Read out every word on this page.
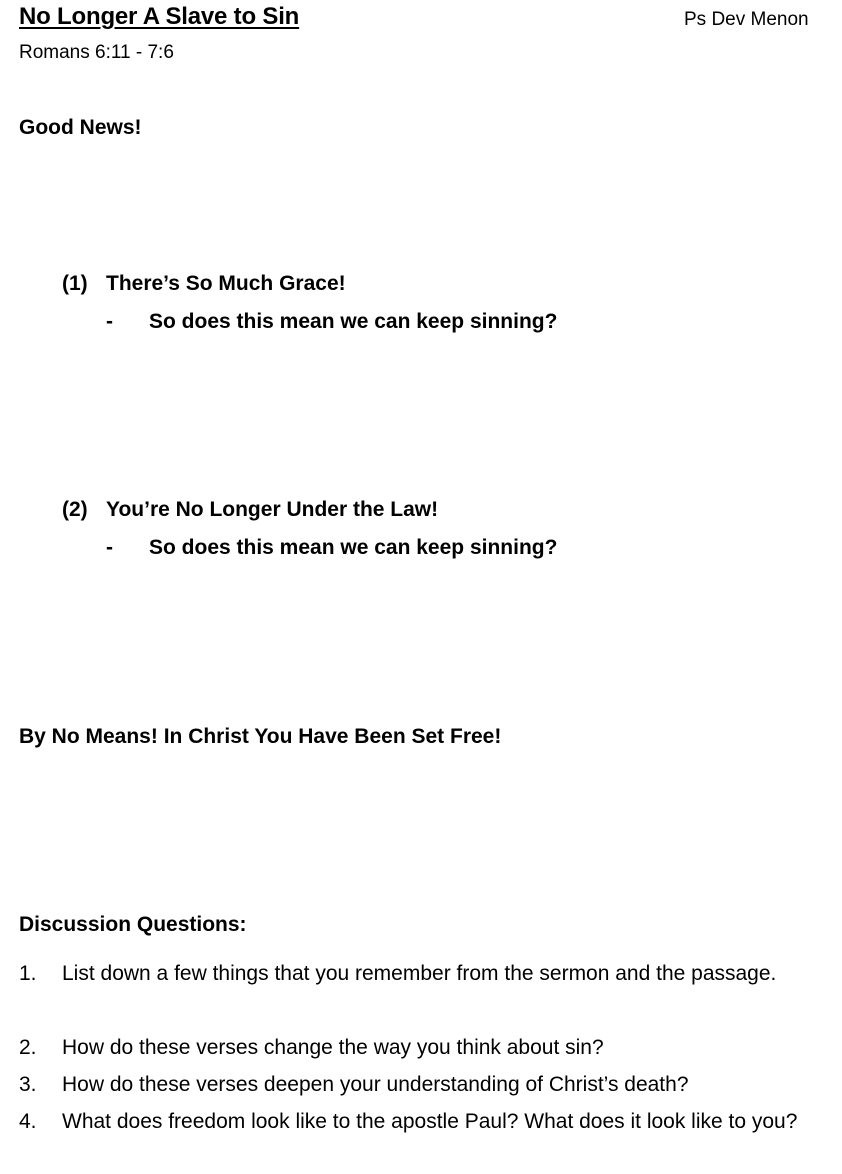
No Longer A Slave to Sin	Ps Dev Menon
Romans 6:11 - 7:6
Good News!
(1) There’s So Much Grace!
- So does this mean we can keep sinning?
(2) You’re No Longer Under the Law!
- So does this mean we can keep sinning?
By No Means! In Christ You Have Been Set Free!
Discussion Questions:
1. List down a few things that you remember from the sermon and the passage.
2. How do these verses change the way you think about sin?
3. How do these verses deepen your understanding of Christ’s death?
4. What does freedom look like to the apostle Paul? What does it look like to you?
